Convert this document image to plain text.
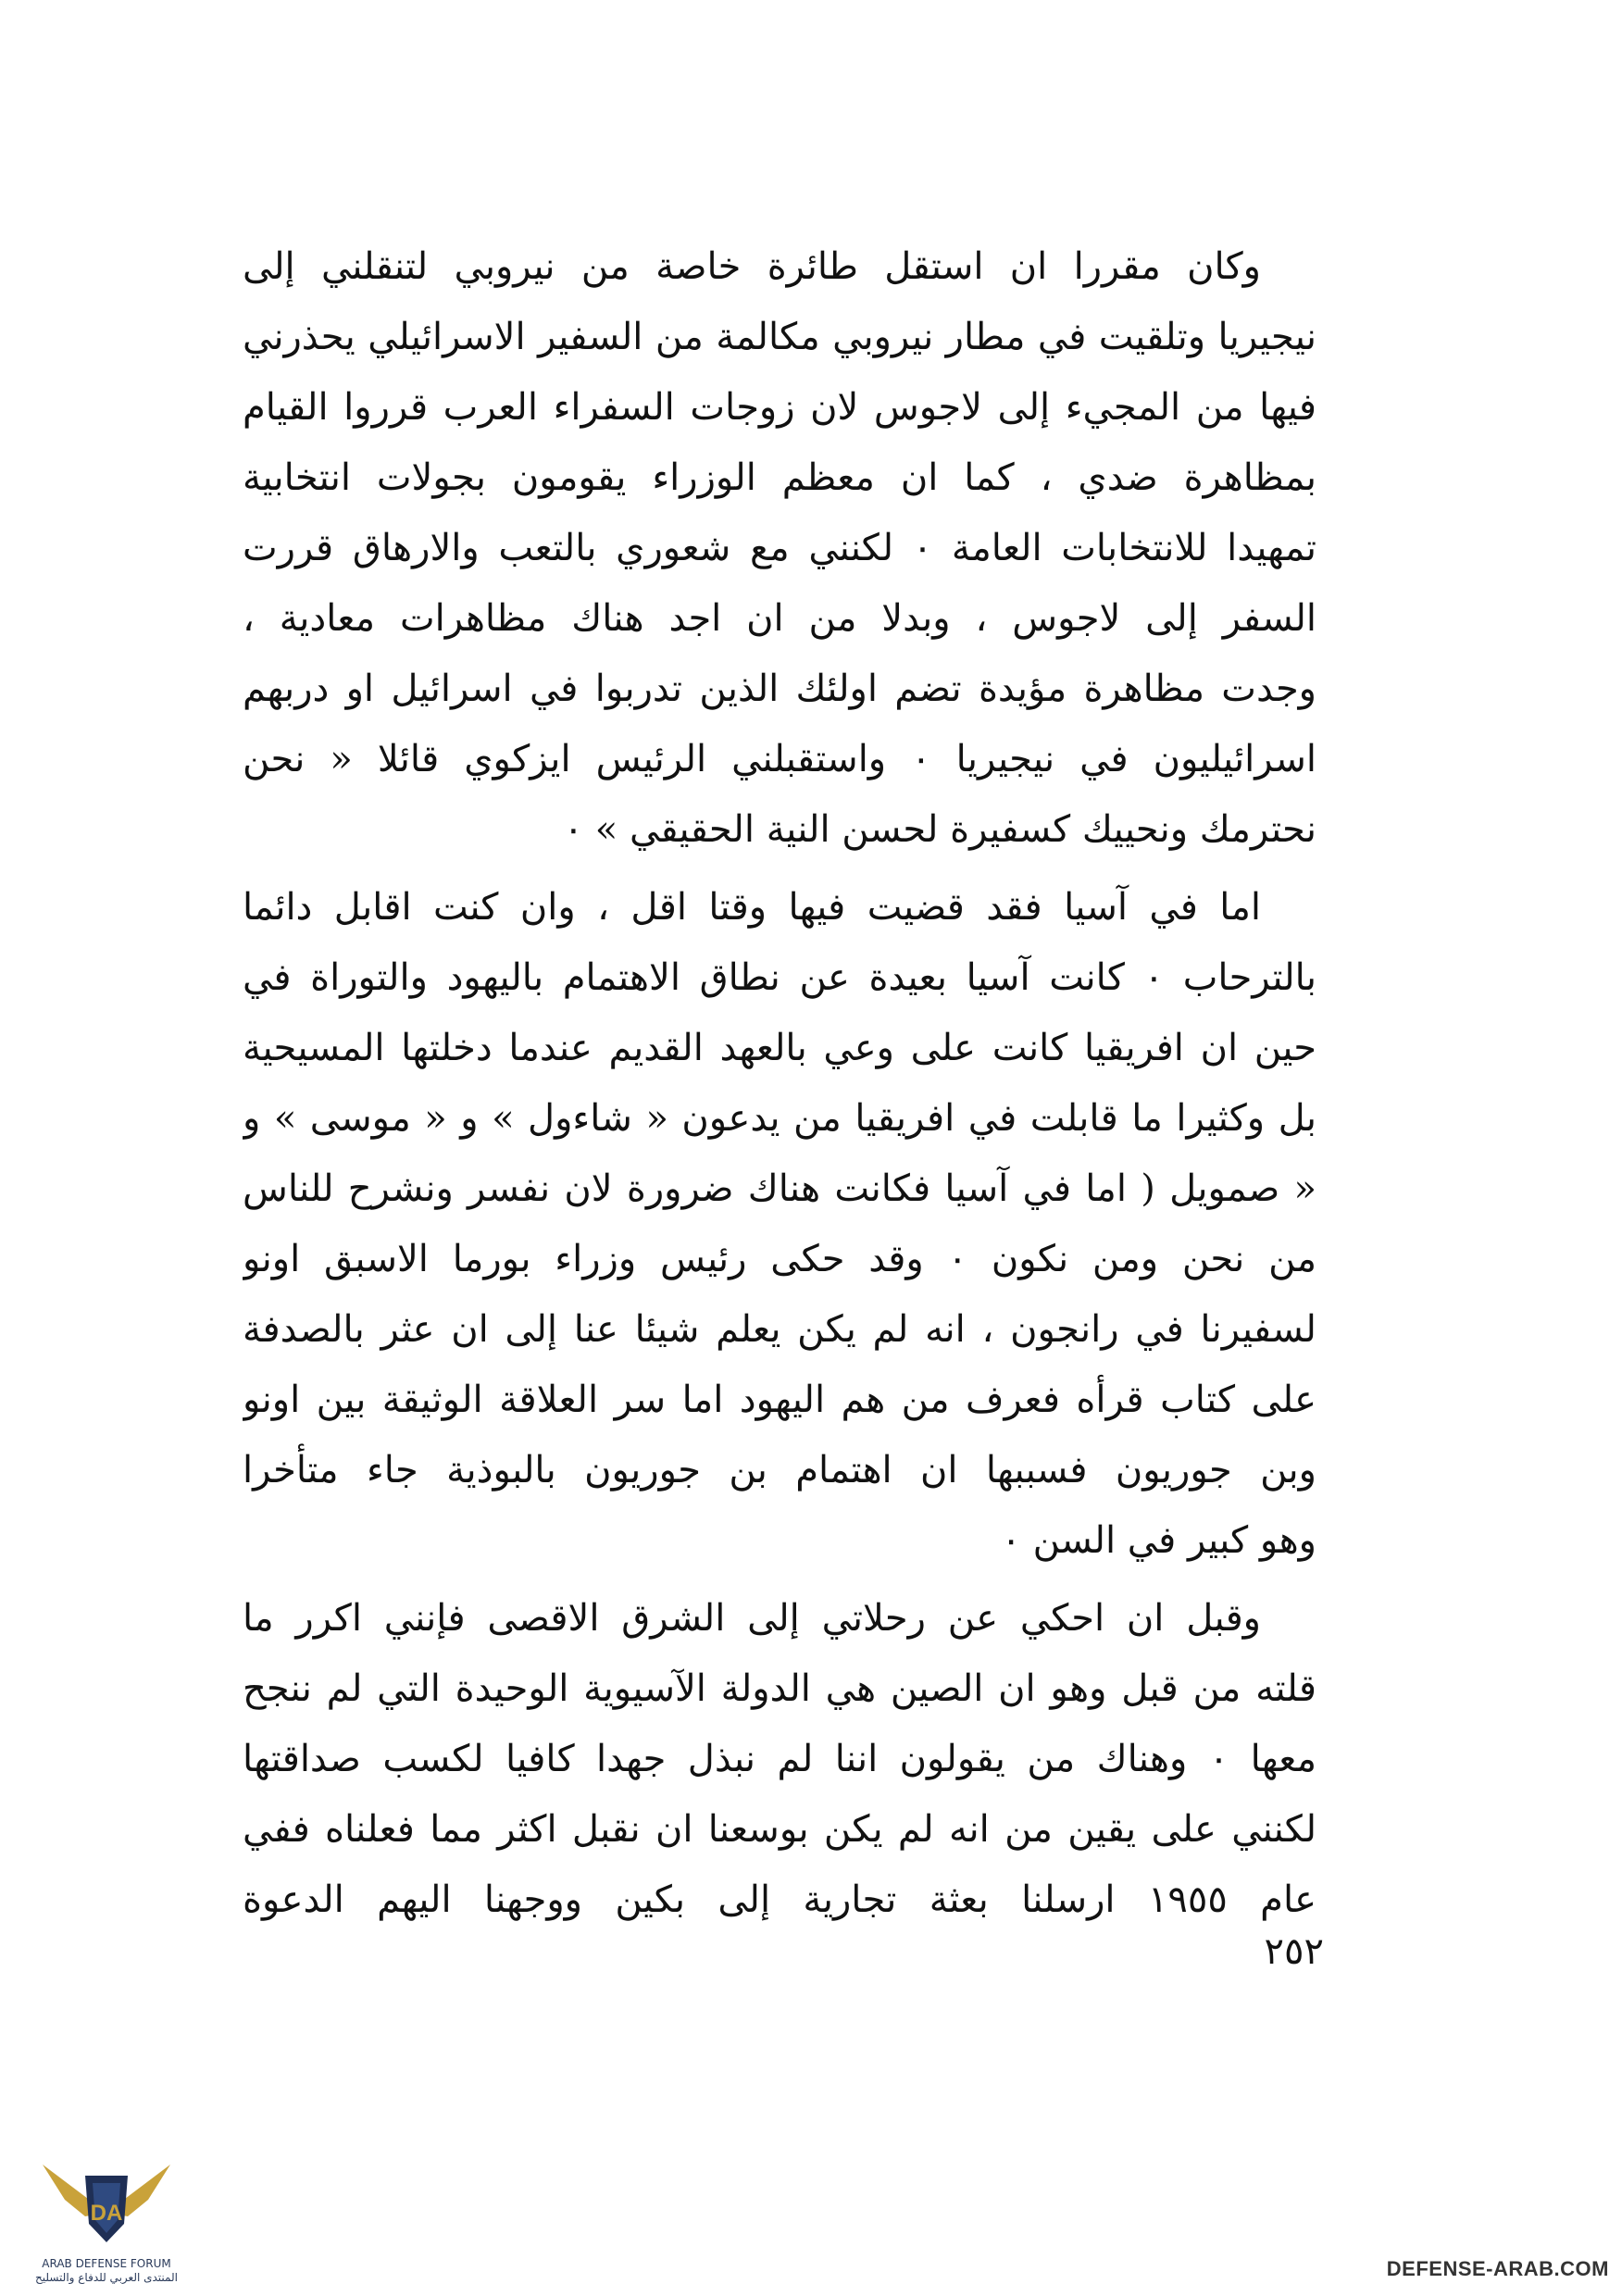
وكان مقررا ان استقل طائرة خاصة من نيروبي لتنقلني إلى
نيجيريا وتلقيت في مطار نيروبي مكالمة من السفير الاسرائيلي يحذرني
فيها من المجيء إلى لاجوس لان زوجات السفراء العرب قرروا القيام
بمظاهرة ضدي ، كما ان معظم الوزراء يقومون بجولات انتخابية
تمهيدا للانتخابات العامة ٠ لكنني مع شعوري بالتعب والارهاق قررت
السفر إلى لاجوس ، وبدلا من ان اجد هناك مظاهرات معادية ،
وجدت مظاهرة مؤيدة تضم اولئك الذين تدربوا في اسرائيل او دربهم
اسرائيليون في نيجيريا ٠ واستقبلني الرئيس ايزكوي قائلا « نحن
نحترمك ونحييك كسفيرة لحسن النية الحقيقي » ٠
اما في آسيا فقد قضيت فيها وقتا اقل ، وان كنت اقابل دائما
بالترحاب ٠ كانت آسيا بعيدة عن نطاق الاهتمام باليهود والتوراة في
حين ان افريقيا كانت على وعي بالعهد القديم عندما دخلتها المسيحية
بل وكثيرا ما قابلت في افريقيا من يدعون « شاءول » و « موسى » و
« صمويل ( اما في آسيا فكانت هناك ضرورة لان نفسر ونشرح للناس
من نحن ومن نكون ٠ وقد حكى رئيس وزراء بورما الاسبق اونو
لسفيرنا في رانجون ، انه لم يكن يعلم شيئا عنا إلى ان عثر بالصدفة
على كتاب قرأه فعرف من هم اليهود اما سر العلاقة الوثيقة بين اونو
وبن جوريون فسببها ان اهتمام بن جوريون بالبوذية جاء متأخرا
وهو كبير في السن ٠
وقبل ان احكي عن رحلاتي إلى الشرق الاقصى فإنني اكرر ما
قلته من قبل وهو ان الصين هي الدولة الآسيوية الوحيدة التي لم ننجح
معها ٠ وهناك من يقولون اننا لم نبذل جهدا كافيا لكسب صداقتها
لكنني على يقين من انه لم يكن بوسعنا ان نقبل اكثر مما فعلناه ففي
عام ١٩٥٥ ارسلنا بعثة تجارية إلى بكين ووجهنا اليهم الدعوة
٢٥٢
DA
ARAB DEFENSE FORUM
المنتدى العربي للدفاع والتسليح	DEFENSE-ARAB.COM
